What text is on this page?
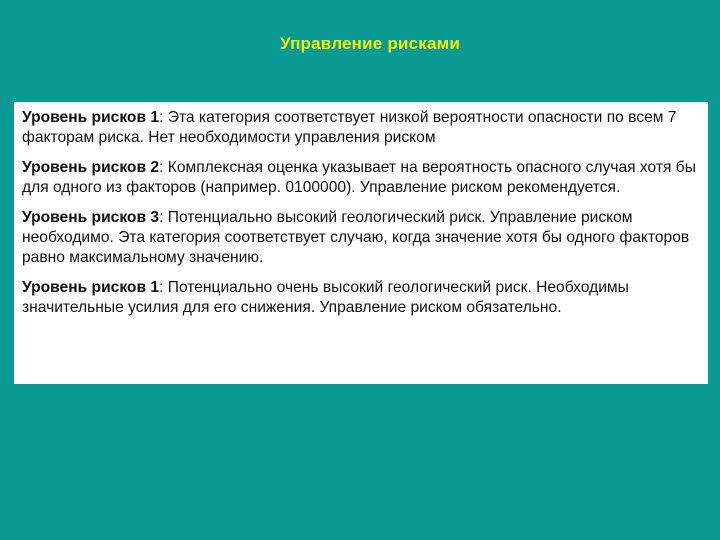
Управление рисками
Уровень рисков 1: Эта категория соответствует низкой вероятности опасности по всем 7 факторам риска. Нет необходимости управления риском
Уровень рисков 2: Комплексная оценка указывает на вероятность опасного случая хотя бы для одного из факторов (например. 0100000). Управление риском рекомендуется.
Уровень рисков 3: Потенциально высокий геологический риск. Управление риском необходимо. Эта категория соответствует случаю, когда значение хотя бы одного факторов равно максимальному значению.
Уровень рисков 1: Потенциально очень высокий геологический риск. Необходимы значительные усилия для его снижения. Управление риском обязательно.
